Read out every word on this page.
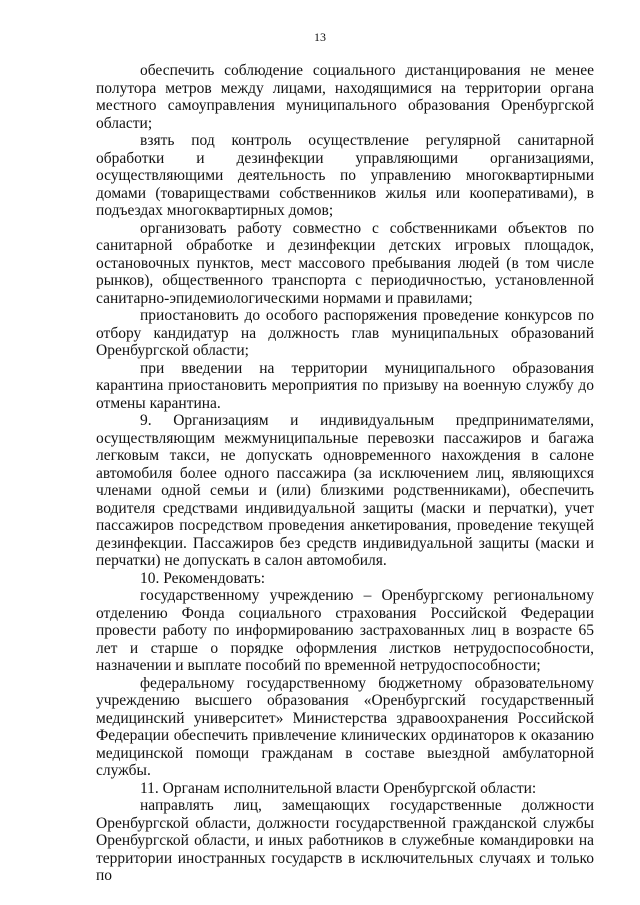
13

обеспечить соблюдение социального дистанцирования не менее полутора метров между лицами, находящимися на территории органа местного самоуправления муниципального образования Оренбургской области;

взять под контроль осуществление регулярной санитарной обработки и дезинфекции управляющими организациями, осуществляющими деятельность по управлению многоквартирными домами (товариществами собственников жилья или кооперативами), в подъездах многоквартирных домов;

организовать работу совместно с собственниками объектов по санитарной обработке и дезинфекции детских игровых площадок, остановочных пунктов, мест массового пребывания людей (в том числе рынков), общественного транспорта с периодичностью, установленной санитарно-эпидемиологическими нормами и правилами;

приостановить до особого распоряжения проведение конкурсов по отбору кандидатур на должность глав муниципальных образований Оренбургской области;

при введении на территории муниципального образования карантина приостановить мероприятия по призыву на военную службу до отмены карантина.

9. Организациям и индивидуальным предпринимателями, осуществляющим межмуниципальные перевозки пассажиров и багажа легковым такси, не допускать одновременного нахождения в салоне автомобиля более одного пассажира (за исключением лиц, являющихся членами одной семьи и (или) близкими родственниками), обеспечить водителя средствами индивидуальной защиты (маски и перчатки), учет пассажиров посредством проведения анкетирования, проведение текущей дезинфекции. Пассажиров без средств индивидуальной защиты (маски и перчатки) не допускать в салон автомобиля.

10. Рекомендовать:

государственному учреждению – Оренбургскому региональному отделению Фонда социального страхования Российской Федерации провести работу по информированию застрахованных лиц в возрасте 65 лет и старше о порядке оформления листков нетрудоспособности, назначении и выплате пособий по временной нетрудоспособности;

федеральному государственному бюджетному образовательному учреждению высшего образования «Оренбургский государственный медицинский университет» Министерства здравоохранения Российской Федерации обеспечить привлечение клинических ординаторов к оказанию медицинской помощи гражданам в составе выездной амбулаторной службы.

11. Органам исполнительной власти Оренбургской области:

направлять лиц, замещающих государственные должности Оренбургской области, должности государственной гражданской службы Оренбургской области, и иных работников в служебные командировки на территории иностранных государств в исключительных случаях и только по
